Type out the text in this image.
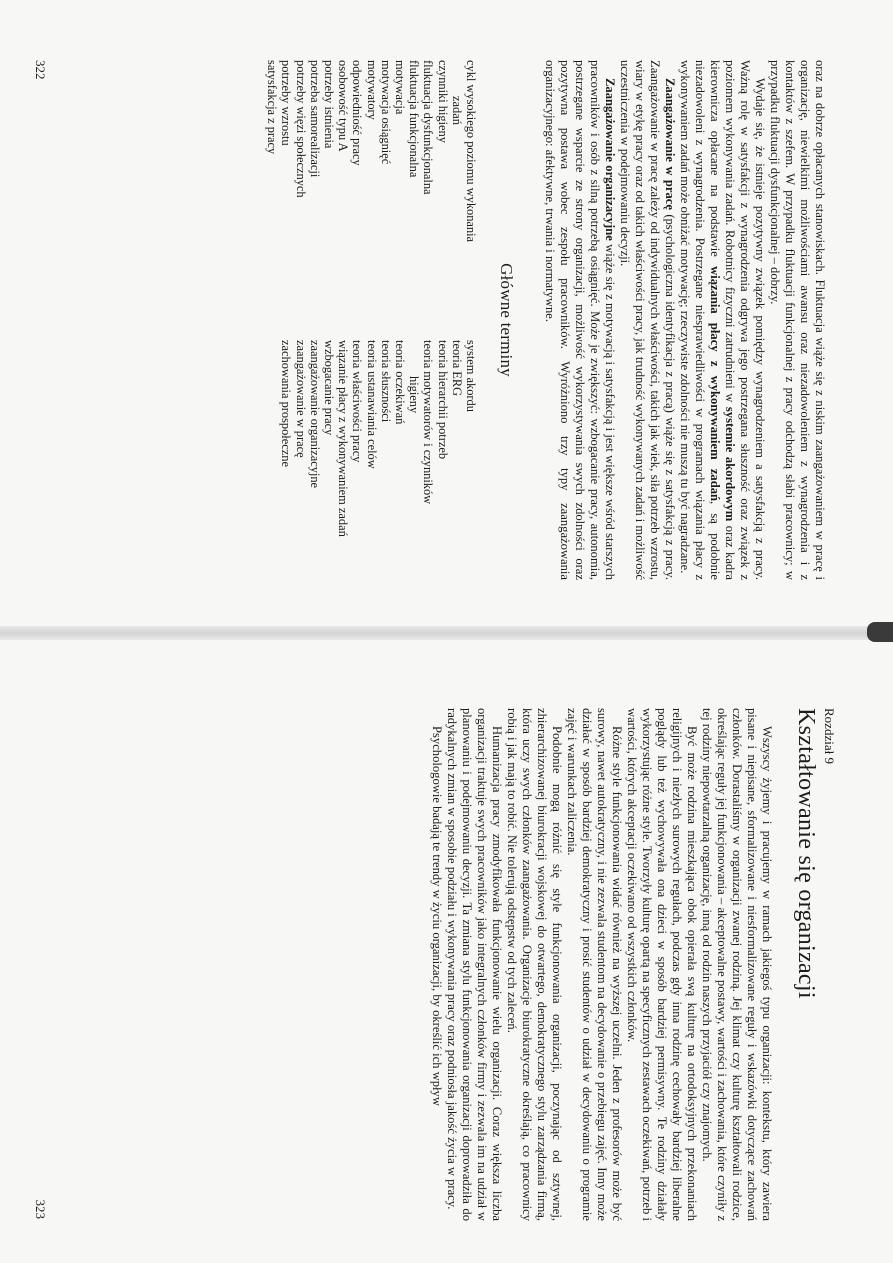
oraz na dobrze opłacanych stanowiskach. Fluktuacja wiąże się z niskim zaangażowaniem w pracę i organizację, niewielkimi możliwościami awansu oraz niezadowoleniem z wynagrodzenia i z kontaktów z szefem. W przypadku fluktuacji funkcjonalnej z pracy odchodzą słabi pracownicy; w przypadku fluktuacji dysfunkcjonalnej – dobrzy.

Wydaje się, że istnieje pozytywny związek pomiędzy wynagrodzeniem a satysfakcją z pracy. Ważną rolę w satysfakcji z wynagrodzenia odgrywa jego postrzegana słuszność oraz związek z poziomem wykonywania zadań. Robotnicy fizyczni zatrudnieni w systemie akordowym oraz kadra kierownicza opłacane na podstawie wiązania płacy z wykonywaniem zadań, są podobnie niezadowoleni z wynagrodzenia. Postrzegane niesprawiedliwości w programach wiązania płacy z wykonywaniem zadań może obniżać motywację; rzeczywiste zdolności nie muszą tu być nagradzane.

Zaangażowanie w pracę (psychologiczna identyfikacja z pracą) wiąże się z satysfakcją z pracy. Zaangażowanie w pracę zależy od indywidualnych właściwości, takich jak wiek, siła potrzeb wzrostu, wiary w etykę pracy oraz od takich właściwości pracy, jak trudność wykonywanych zadań i możliwość uczestniczenia w podejmowaniu decyzji.

Zaangażowanie organizacyjne wiąże się z motywacją i satysfakcją i jest większe wśród starszych pracowników i osób z silną potrzebą osiągnięć. Może je zwiększyć: wzbogacanie pracy, autonomia, postrzegane wsparcie ze strony organizacji, możliwość wykorzystywania swych zdolności oraz pozytywna postawa wobec zespołu pracowników. Wyróżniono trzy typy zaangażowania organizacyjnego: afektywne, trwania i normatywne.

Główne terminy
cykl wysokiego poziomu wykonania
zadań
czynniki higieny
fluktuacja dysfunkcjonalna
fluktuacja funkcjonalna
motywacja
motywacja osiągnięć
motywatory
odpowiedniość pracy
osobowość typu A
potrzeby istnienia
potrzeba samorealizacji
potrzeby więzi społecznych
potrzeby wzrostu
satysfakcja z pracy
system akordu
teoria ERG
teoria hierarchii potrzeb
teoria motywatorów i czynników
higieny
teoria oczekiwań
teoria słuszności
teoria ustanawiania celów
teoria właściwości pracy
wiązanie płacy z wykonywaniem zadań
wzbogacanie pracy
zaangażowanie organizacyjne
zaangażowanie w pracę
zachowania prospołeczne
322
Rozdział 9
Kształtowanie się organizacji

Wszyscy żyjemy i pracujemy w ramach jakiegoś typu organizacji: kontekstu, który zawiera pisane i niepisane, sformalizowane i niesformalizowane reguły i wskazówki dotyczące zachowań członków. Dorastaliśmy w organizacji zwanej rodziną. Jej klimat czy kulturę kształtowali rodzice, określając reguły jej funkcjonowania – akceptowalne postawy, wartości i zachowania, które czyniły z tej rodziny niepowtarzalną organizację, inną od rodzin naszych przyjaciół czy znajomych.

Być może rodzina mieszkająca obok opierała swą kulturę na ortodoksyjnych przekonaniach religijnych i niezłych surowych regułach, podczas gdy inna rodzinę cechowały bardziej liberalne poglądy lub też wychowywała ona dzieci w sposób bardziej permisywny. Te rodziny działały wykorzystując różne style. Tworzyły kulturę opartą na specyficznych zestawach oczekiwań, potrzeb i wartości, których akceptacji oczekiwano od wszystkich członków.

Różne style funkcjonowania widać również na wyższej uczelni. Jeden z profesorów może być surowy, nawet autokratyczny, i nie zezwala studentom na decydowanie o przebiegu zajęć. Inny może działać w sposób bardziej demokratyczny i prosić studentów o udział w decydowaniu o programie zajęć i warunkach zaliczenia.

Podobnie mogą różnić się style funkcjonowania organizacji, poczynając od sztywnej, zhierarchizowanej biurokracji wojskowej do otwartego, demokratycznego stylu zarządzania firmą, która uczy swych członków zaangażowania. Organizacje biurokratyczne określają, co pracownicy robią i jak mają to robić. Nie tolerują odstępstw od tych zaleceń.

Humanizacja pracy zmodyfikowała funkcjonowanie wielu organizacji. Coraz większa liczba organizacji traktuje swych pracowników jako integralnych członków firmy i zezwala im na udział w planowaniu i podejmowaniu decyzji. Ta zmiana stylu funkcjonowania organizacji doprowadziła do radykalnych zmian w sposobie podziału i wykonywania pracy oraz podniosła jakość życia w pracy.

Psychologowie badają te trendy w życiu organizacji, by określić ich wpływ

323
